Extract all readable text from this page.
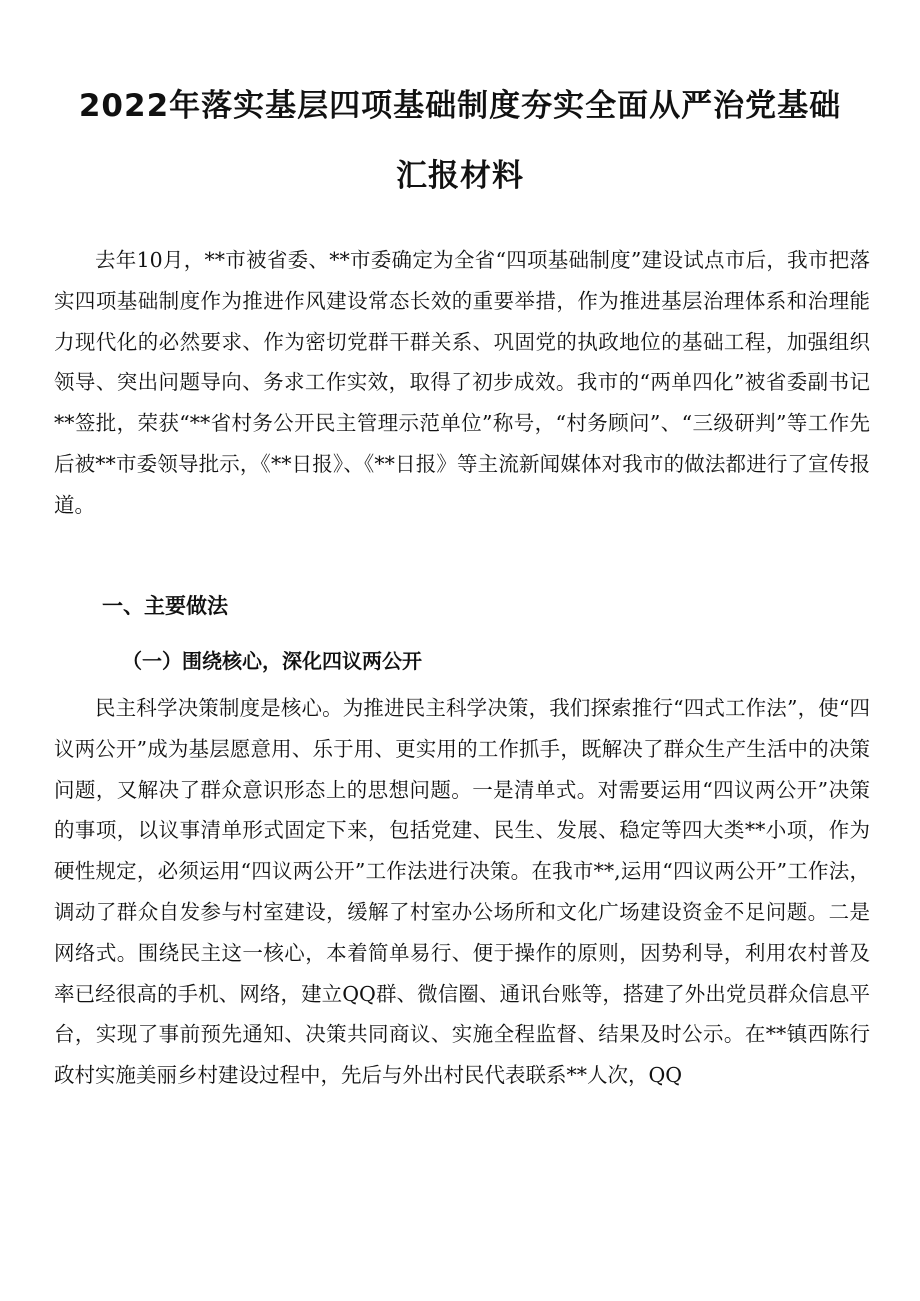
2022年落实基层四项基础制度夯实全面从严治党基础
汇报材料

去年10月，**市被省委、**市委确定为全省“四项基础制度”建设试点市后，我市把落实四项基础制度作为推进作风建设常态长效的重要举措，作为推进基层治理体系和治理能力现代化的必然要求、作为密切党群干群关系、巩固党的执政地位的基础工程，加强组织领导、突出问题导向、务求工作实效，取得了初步成效。我市的“两单四化”被省委副书记**签批，荣获“**省村务公开民主管理示范单位”称号，“村务顾问”、“三级研判”等工作先后被**市委领导批示，《**日报》、《**日报》等主流新闻媒体对我市的做法都进行了宣传报道。

一、主要做法
（一）围绕核心，深化四议两公开

民主科学决策制度是核心。为推进民主科学决策，我们探索推行“四式工作法”，使“四议两公开”成为基层愿意用、乐于用、更实用的工作抓手，既解决了群众生产生活中的决策问题，又解决了群众意识形态上的思想问题。一是清单式。对需要运用“四议两公开”决策的事项，以议事清单形式固定下来，包括党建、民生、发展、稳定等四大类**小项，作为硬性规定，必须运用“四议两公开”工作法进行决策。在我市**,运用“四议两公开”工作法，调动了群众自发参与村室建设，缓解了村室办公场所和文化广场建设资金不足问题。二是网络式。围绕民主这一核心，本着简单易行、便于操作的原则，因势利导，利用农村普及率已经很高的手机、网络，建立QQ群、微信圈、通讯台账等，搭建了外出党员群众信息平台，实现了事前预先通知、决策共同商议、实施全程监督、结果及时公示。在**镇西陈行政村实施美丽乡村建设过程中，先后与外出村民代表联系**人次，QQ
